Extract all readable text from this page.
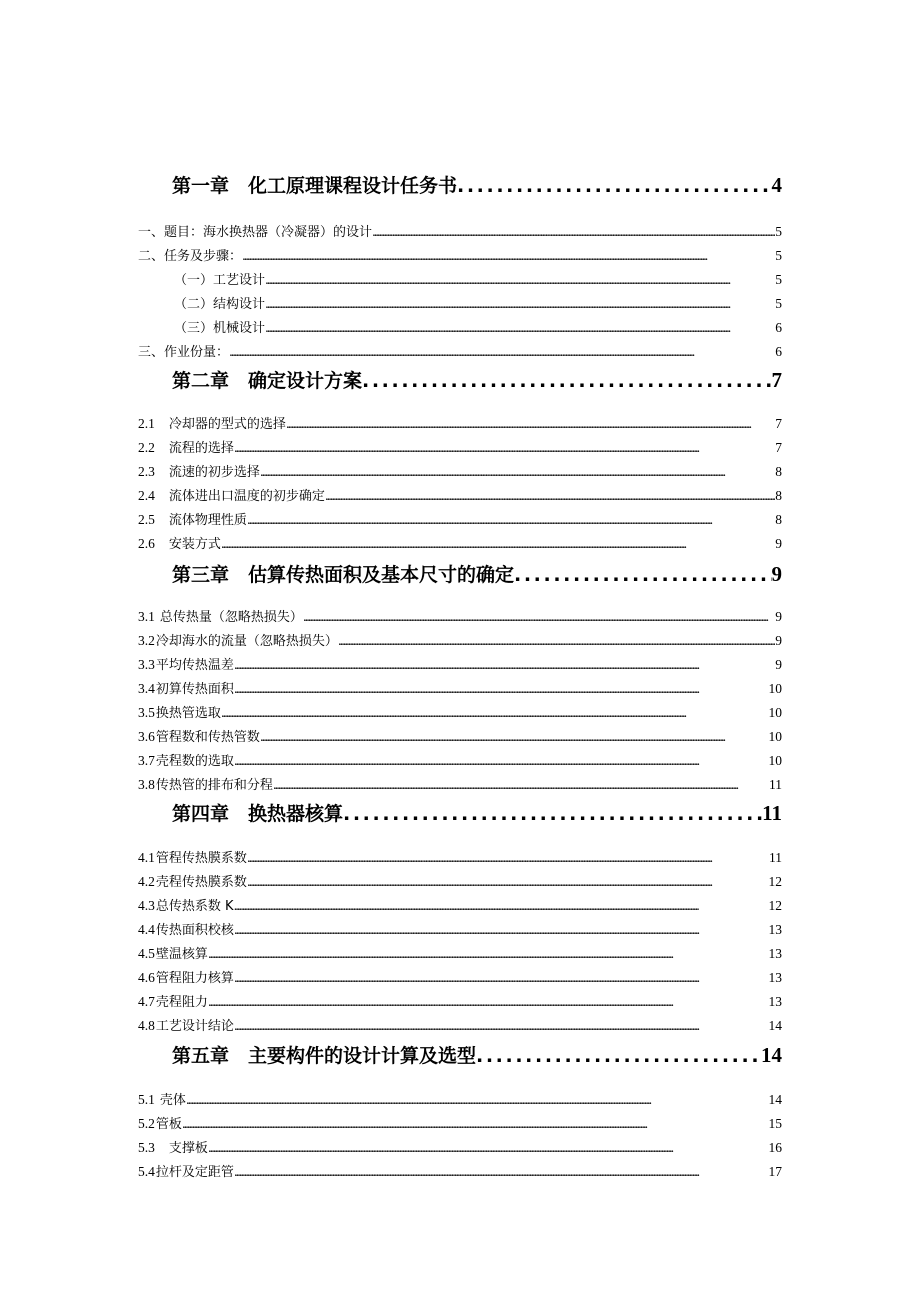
第一章　化工原理课程设计任务书 . . .	4
一、题目：海水换热器（冷凝器）的设计 . . .	5
二、任务及步骤： . . .	5
（一）工艺设计 . . .	5
（二）结构设计 . . .	5
（三）机械设计 . . .	6
三、作业份量： . . .	6
第二章　确定设计方案 . . .	7
2.1 冷却器的型式的选择 . . .	7
2.2 流程的选择 . . .	7
2.3 流速的初步选择 . . .	8
2.4 流体进出口温度的初步确定 . . .	8
2.5 流体物理性质 . . .	8
2.6 安装方式 . . .	9
第三章　估算传热面积及基本尺寸的确定 . . .	9
3.1 总传热量（忽略热损失） . . .	9
3.2 冷却海水的流量（忽略热损失） . . .	9
3.3 平均传热温差 . . .	9
3.4 初算传热面积 . . .	10
3.5 换热管选取 . . .	10
3.6 管程数和传热管数 . . .	10
3.7 壳程数的选取 . . .	10
3.8 传热管的排布和分程 . . .	11
第四章　换热器核算 . . .	11
4.1 管程传热膜系数 . . .	11
4.2 壳程传热膜系数 . . .	12
4.3 总传热系数 K . . .	12
4.4 传热面积校核 . . .	13
4.5 壁温核算 . . .	13
4.6 管程阻力核算 . . .	13
4.7 壳程阻力 . . .	13
4.8 工艺设计结论 . . .	14
第五章　主要构件的设计计算及选型 . . .	14
5.1 壳体 . . .	14
5.2 管板 . . .	15
5.3 支撑板 . . .	16
5.4 拉杆及定距管 . . .	17
